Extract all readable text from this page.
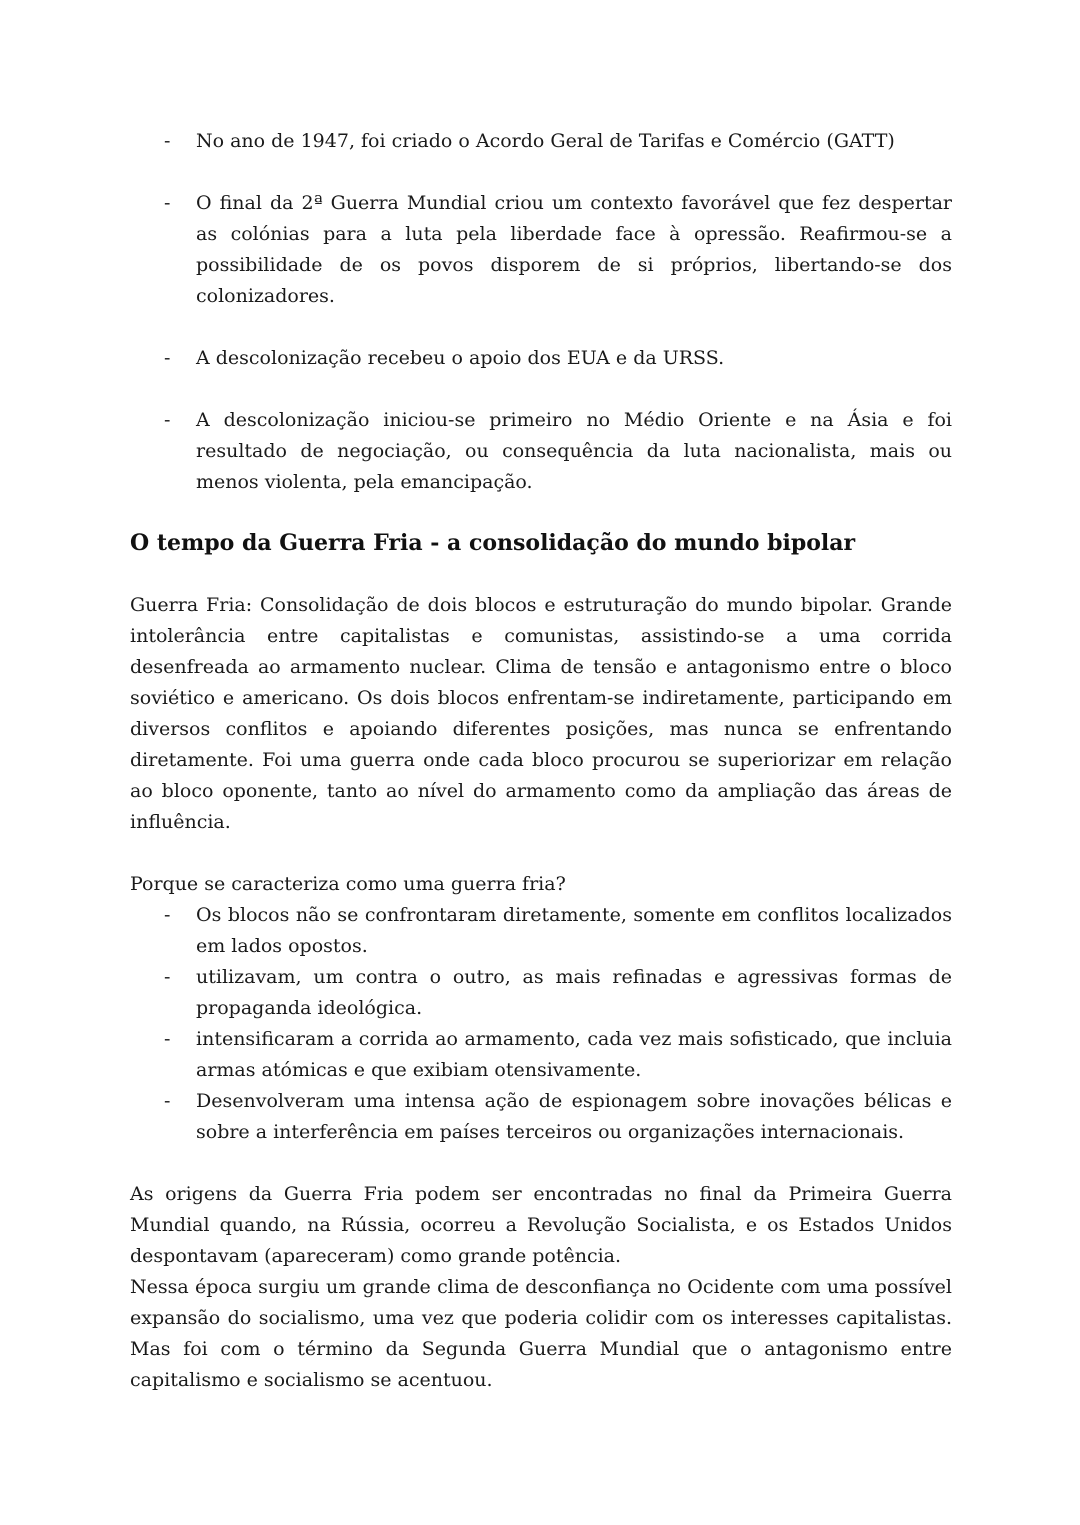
- No ano de 1947, foi criado o Acordo Geral de Tarifas e Comércio (GATT)
- O final da 2ª Guerra Mundial criou um contexto favorável que fez despertar as colónias para a luta pela liberdade face à opressão. Reafirmou-se a possibilidade de os povos disporem de si próprios, libertando-se dos colonizadores.
- A descolonização recebeu o apoio dos EUA e da URSS.
- A descolonização iniciou-se primeiro no Médio Oriente e na Ásia e foi resultado de negociação, ou consequência da luta nacionalista, mais ou menos violenta, pela emancipação.
O tempo da Guerra Fria - a consolidação do mundo bipolar

Guerra Fria: Consolidação de dois blocos e estruturação do mundo bipolar. Grande intolerância entre capitalistas e comunistas, assistindo-se a uma corrida desenfreada ao armamento nuclear. Clima de tensão e antagonismo entre o bloco soviético e americano. Os dois blocos enfrentam-se indiretamente, participando em diversos conflitos e apoiando diferentes posições, mas nunca se enfrentando diretamente. Foi uma guerra onde cada bloco procurou se superiorizar em relação ao bloco oponente, tanto ao nível do armamento como da ampliação das áreas de influência.

Porque se caracteriza como uma guerra fria?

- Os blocos não se confrontaram diretamente, somente em conflitos localizados em lados opostos.
- utilizavam, um contra o outro, as mais refinadas e agressivas formas de propaganda ideológica.
- intensificaram a corrida ao armamento, cada vez mais sofisticado, que incluia armas atómicas e que exibiam otensivamente.
- Desenvolveram uma intensa ação de espionagem sobre inovações bélicas e sobre a interferência em países terceiros ou organizações internacionais.

As origens da Guerra Fria podem ser encontradas no final da Primeira Guerra Mundial quando, na Rússia, ocorreu a Revolução Socialista, e os Estados Unidos despontavam (apareceram) como grande potência.

Nessa época surgiu um grande clima de desconfiança no Ocidente com uma possível expansão do socialismo, uma vez que poderia colidir com os interesses capitalistas. Mas foi com o término da Segunda Guerra Mundial que o antagonismo entre capitalismo e socialismo se acentuou.
